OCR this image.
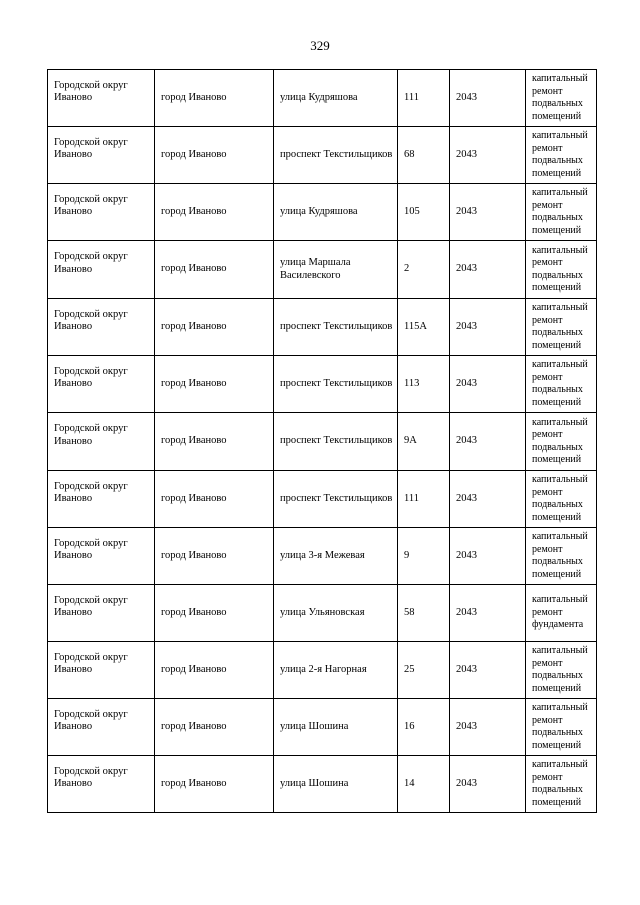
329
Городской округ Иваново	город Иваново	улица Кудряшова	111	2043	капитальный ремонт подвальных помещений

Городской округ Иваново	город Иваново	проспект Текстильщиков	68	2043	капитальный ремонт подвальных помещений

Городской округ Иваново	город Иваново	улица Кудряшова	105	2043	капитальный ремонт подвальных помещений

Городской округ Иваново	город Иваново	улица Маршала Василевского	2	2043	капитальный ремонт подвальных помещений

Городской округ Иваново	город Иваново	проспект Текстильщиков	115А	2043	капитальный ремонт подвальных помещений

Городской округ Иваново	город Иваново	проспект Текстильщиков	113	2043	капитальный ремонт подвальных помещений

Городской округ Иваново	город Иваново	проспект Текстильщиков	9А	2043	капитальный ремонт подвальных помещений

Городской округ Иваново	город Иваново	проспект Текстильщиков	111	2043	капитальный ремонт подвальных помещений

Городской округ Иваново	город Иваново	улица 3-я Межевая	9	2043	капитальный ремонт подвальных помещений

Городской округ Иваново	город Иваново	улица Ульяновская	58	2043	капитальный ремонт фундамента

Городской округ Иваново	город Иваново	улица 2-я Нагорная	25	2043	капитальный ремонт подвальных помещений

Городской округ Иваново	город Иваново	улица Шошина	16	2043	капитальный ремонт подвальных помещений

Городской округ Иваново	город Иваново	улица Шошина	14	2043	капитальный ремонт подвальных помещений
